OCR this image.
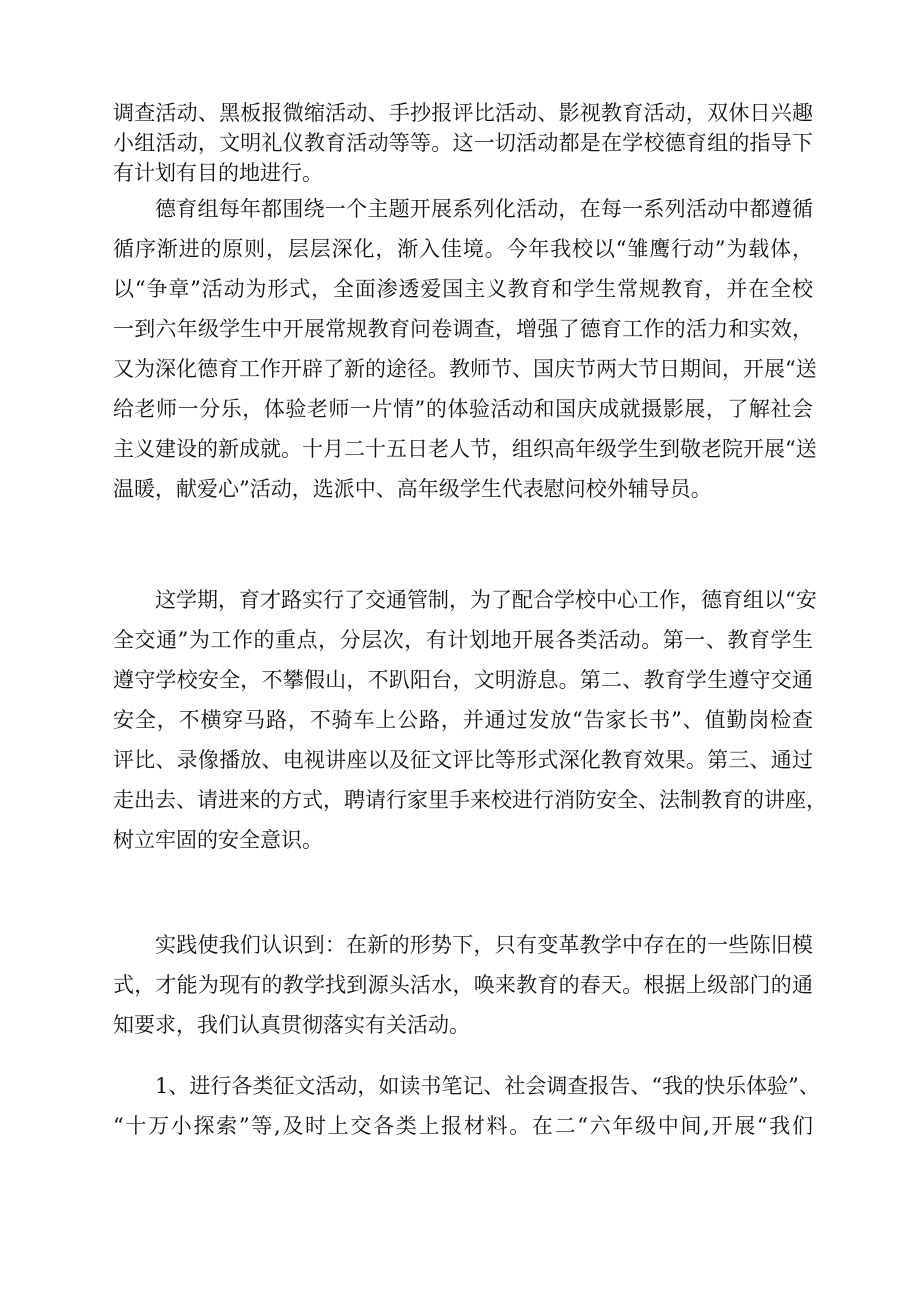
调查活动、黑板报微缩活动、手抄报评比活动、影视教育活动，双休日兴趣
小组活动，文明礼仪教育活动等等。这一切活动都是在学校德育组的指导下
有计划有目的地进行。
德育组每年都围绕一个主题开展系列化活动，在每一系列活动中都遵循
循序渐进的原则，层层深化，渐入佳境。今年我校以“雏鹰行动”为载体，
以“争章”活动为形式，全面渗透爱国主义教育和学生常规教育，并在全校
一到六年级学生中开展常规教育问卷调查，增强了德育工作的活力和实效，
又为深化德育工作开辟了新的途径。教师节、国庆节两大节日期间，开展“送
给老师一分乐，体验老师一片情”的体验活动和国庆成就摄影展，了解社会
主义建设的新成就。十月二十五日老人节，组织高年级学生到敬老院开展“送
温暖，献爱心”活动，选派中、高年级学生代表慰问校外辅导员。
这学期，育才路实行了交通管制，为了配合学校中心工作，德育组以“安
全交通”为工作的重点，分层次，有计划地开展各类活动。第一、教育学生
遵守学校安全，不攀假山，不趴阳台，文明游息。第二、教育学生遵守交通
安全，不横穿马路，不骑车上公路，并通过发放“告家长书”、值勤岗检查
评比、录像播放、电视讲座以及征文评比等形式深化教育效果。第三、通过
走出去、请进来的方式，聘请行家里手来校进行消防安全、法制教育的讲座，
树立牢固的安全意识。
实践使我们认识到：在新的形势下，只有变革教学中存在的一些陈旧模
式，才能为现有的教学找到源头活水，唤来教育的春天。根据上级部门的通
知要求，我们认真贯彻落实有关活动。
1、进行各类征文活动，如读书笔记、社会调查报告、“我的快乐体验”、
“十万小探索”等,及时上交各类上报材料。在二“六年级中间,开展“我们
